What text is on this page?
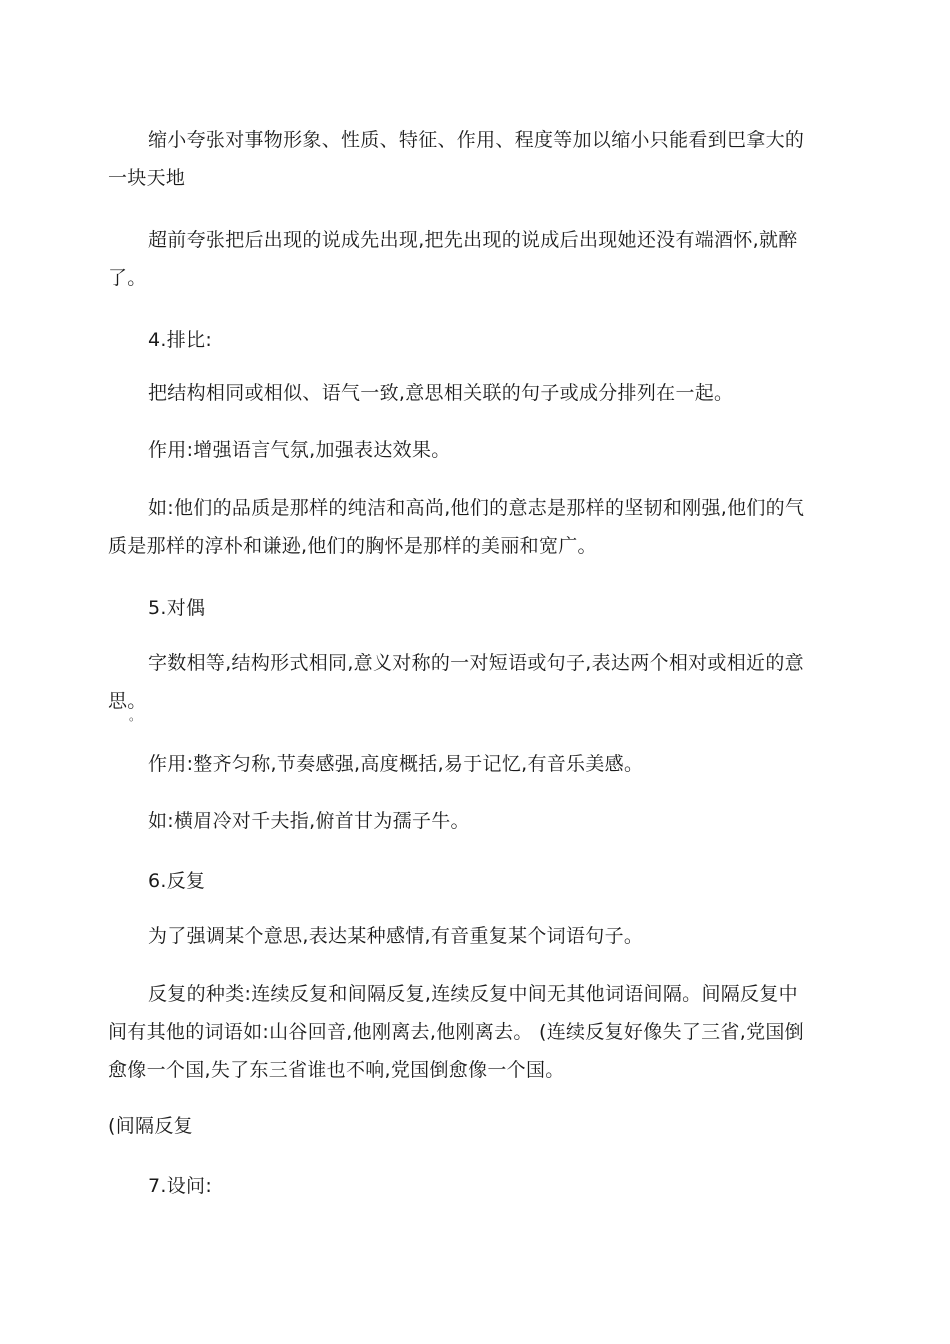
缩小夸张对事物形象、性质、特征、作用、程度等加以缩小只能看到巴拿大的
一块天地
超前夸张把后出现的说成先出现,把先出现的说成后出现她还没有端酒怀,就醉
了。
4.排比:
把结构相同或相似、语气一致,意思相关联的句子或成分排列在一起。
作用:增强语言气氛,加强表达效果。
如:他们的品质是那样的纯洁和高尚,他们的意志是那样的坚韧和刚强,他们的气
质是那样的淳朴和谦逊,他们的胸怀是那样的美丽和宽广。
5.对偶
字数相等,结构形式相同,意义对称的一对短语或句子,表达两个相对或相近的意
思。
。
作用:整齐匀称,节奏感强,高度概括,易于记忆,有音乐美感。
如:横眉冷对千夫指,俯首甘为孺子牛。
6.反复
为了强调某个意思,表达某种感情,有音重复某个词语句子。
反复的种类:连续反复和间隔反复,连续反复中间无其他词语间隔。间隔反复中
间有其他的词语如:山谷回音,他刚离去,他刚离去。 (连续反复好像失了三省,党国倒
愈像一个国,失了东三省谁也不响,党国倒愈像一个国。
(间隔反复
7.设问:
